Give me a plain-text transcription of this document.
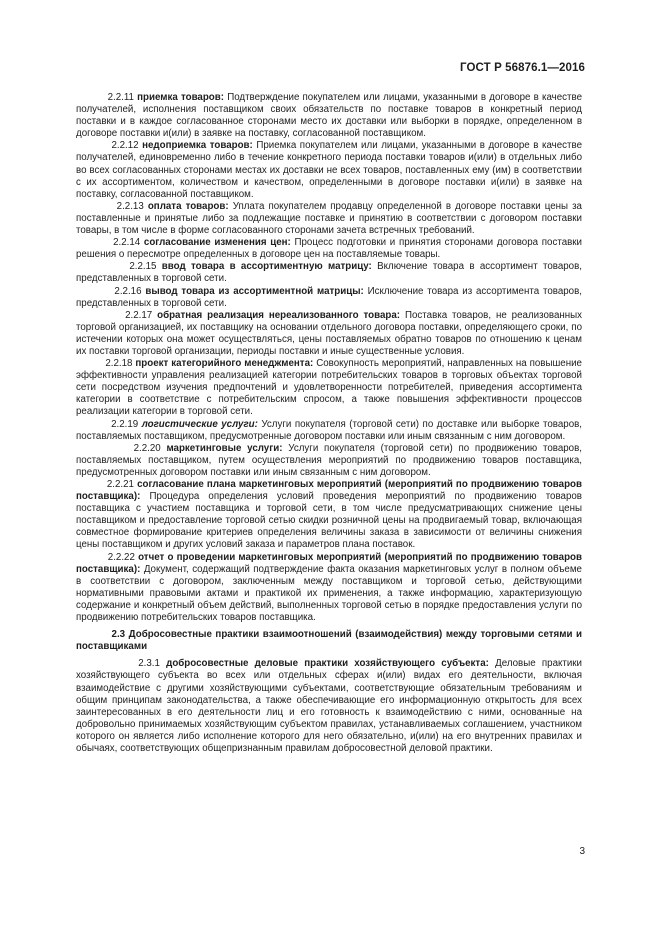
ГОСТ Р 56876.1—2016

2.2.11 приемка товаров: Подтверждение покупателем или лицами, указанными в договоре в качестве получателей, исполнения поставщиком своих обязательств по поставке товаров в конкретный период поставки и в каждое согласованное сторонами место их доставки или выборки в порядке, определенном в договоре поставки и(или) в заявке на поставку, согласованной поставщиком.

2.2.12 недоприемка товаров: Приемка покупателем или лицами, указанными в договоре в качестве получателей, единовременно либо в течение конкретного периода поставки товаров и(или) в отдельных либо во всех согласованных сторонами местах их доставки не всех товаров, поставленных ему (им) в соответствии с их ассортиментом, количеством и качеством, определенными в договоре поставки и(или) в заявке на поставку, согласованной поставщиком.

2.2.13 оплата товаров: Уплата покупателем продавцу определенной в договоре поставки цены за поставленные и принятые либо за подлежащие поставке и принятию в соответствии с договором поставки товары, в том числе в форме согласованного сторонами зачета встречных требований.

2.2.14 согласование изменения цен: Процесс подготовки и принятия сторонами договора поставки решения о пересмотре определенных в договоре цен на поставляемые товары.

2.2.15 ввод товара в ассортиментную матрицу: Включение товара в ассортимент товаров, представленных в торговой сети.

2.2.16 вывод товара из ассортиментной матрицы: Исключение товара из ассортимента товаров, представленных в торговой сети.

2.2.17 обратная реализация нереализованного товара: Поставка товаров, не реализованных торговой организацией, их поставщику на основании отдельного договора поставки, определяющего сроки, по истечении которых она может осуществляться, цены поставляемых обратно товаров по отношению к ценам их поставки торговой организации, периоды поставки и иные существенные условия.

2.2.18 проект категорийного менеджмента: Совокупность мероприятий, направленных на повышение эффективности управления реализацией категории потребительских товаров в торговых объектах торговой сети посредством изучения предпочтений и удовлетворенности потребителей, приведения ассортимента категории в соответствие с потребительским спросом, а также повышения эффективности процессов реализации категории в торговой сети.

2.2.19 логистические услуги: Услуги покупателя (торговой сети) по доставке или выборке товаров, поставляемых поставщиком, предусмотренные договором поставки или иным связанным с ним договором.

2.2.20 маркетинговые услуги: Услуги покупателя (торговой сети) по продвижению товаров, поставляемых поставщиком, путем осуществления мероприятий по продвижению товаров поставщика, предусмотренных договором поставки или иным связанным с ним договором.

2.2.21 согласование плана маркетинговых мероприятий (мероприятий по продвижению товаров поставщика): Процедура определения условий проведения мероприятий по продвижению товаров поставщика с участием поставщика и торговой сети, в том числе предусматривающих снижение цены поставщиком и предоставление торговой сетью скидки розничной цены на продвигаемый товар, включающая совместное формирование критериев определения величины заказа в зависимости от величины снижения цены поставщиком и других условий заказа и параметров плана поставок.

2.2.22 отчет о проведении маркетинговых мероприятий (мероприятий по продвижению товаров поставщика): Документ, содержащий подтверждение факта оказания маркетинговых услуг в полном объеме в соответствии с договором, заключенным между поставщиком и торговой сетью, действующими нормативными правовыми актами и практикой их применения, а также информацию, характеризующую содержание и конкретный объем действий, выполненных торговой сетью в порядке предоставления услуги по продвижению потребительских товаров поставщика.

2.3 Добросовестные практики взаимоотношений (взаимодействия) между торговыми сетями и поставщиками

2.3.1 добросовестные деловые практики хозяйствующего субъекта: Деловые практики хозяйствующего субъекта во всех или отдельных сферах и(или) видах его деятельности, включая взаимодействие с другими хозяйствующими субъектами, соответствующие обязательным требованиям и общим принципам законодательства, а также обеспечивающие его информационную открытость для всех заинтересованных в его деятельности лиц и его готовность к взаимодействию с ними, основанные на добровольно принимаемых хозяйствующим субъектом правилах, устанавливаемых соглашением, участником которого он является либо исполнение которого для него обязательно, и(или) на его внутренних правилах и обычаях, соответствующих общепризнанным правилам добросовестной деловой практики.

3
